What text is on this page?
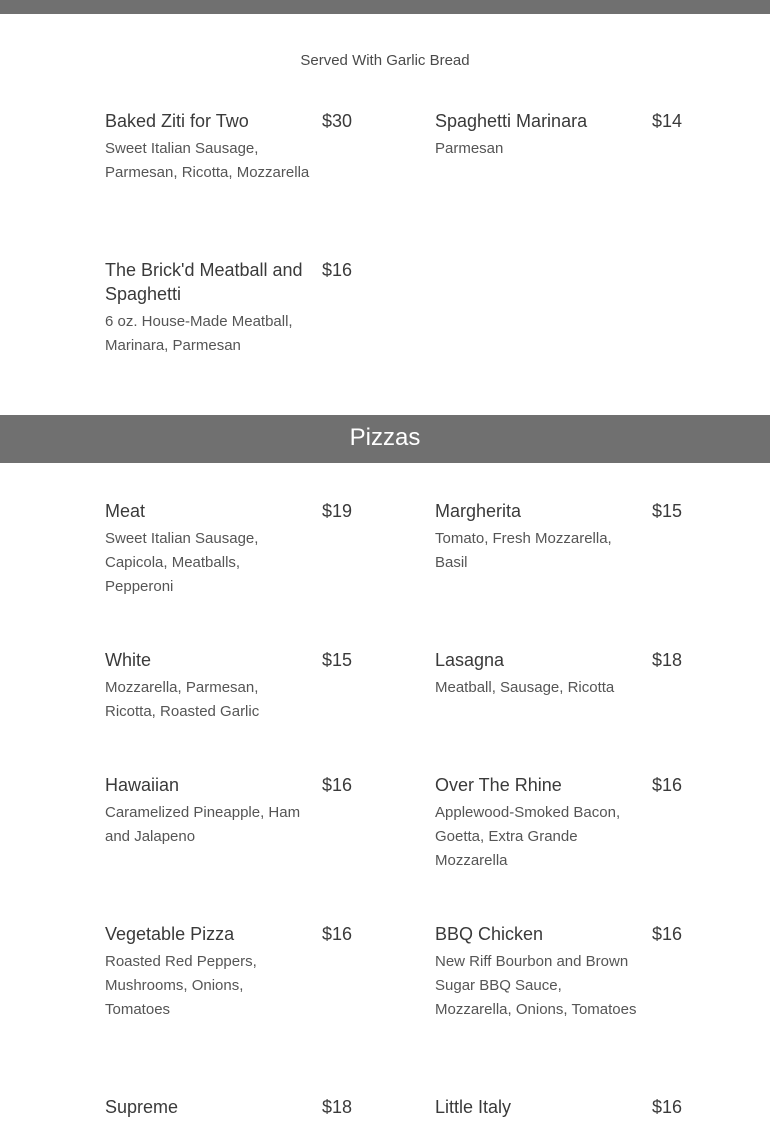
Served With Garlic Bread
Baked Ziti for Two	$30
Sweet Italian Sausage, Parmesan, Ricotta, Mozzarella
Spaghetti Marinara	$14
Parmesan
The Brick'd Meatball and Spaghetti
$16
6 oz. House-Made Meatball, Marinara, Parmesan
Pizzas
Meat	$19
Sweet Italian Sausage, Capicola, Meatballs, Pepperoni
Margherita	$15
Tomato, Fresh Mozzarella, Basil
White	$15
Mozzarella, Parmesan, Ricotta, Roasted Garlic
Lasagna	$18
Meatball, Sausage, Ricotta
Hawaiian	$16
Caramelized Pineapple, Ham and Jalapeno
Over The Rhine	$16
Applewood-Smoked Bacon, Goetta, Extra Grande Mozzarella
Vegetable Pizza	$16
Roasted Red Peppers, Mushrooms, Onions, Tomatoes
BBQ Chicken	$16
New Riff Bourbon and Brown Sugar BBQ Sauce, Mozzarella, Onions, Tomatoes
Supreme	$18	Little Italy	$16
